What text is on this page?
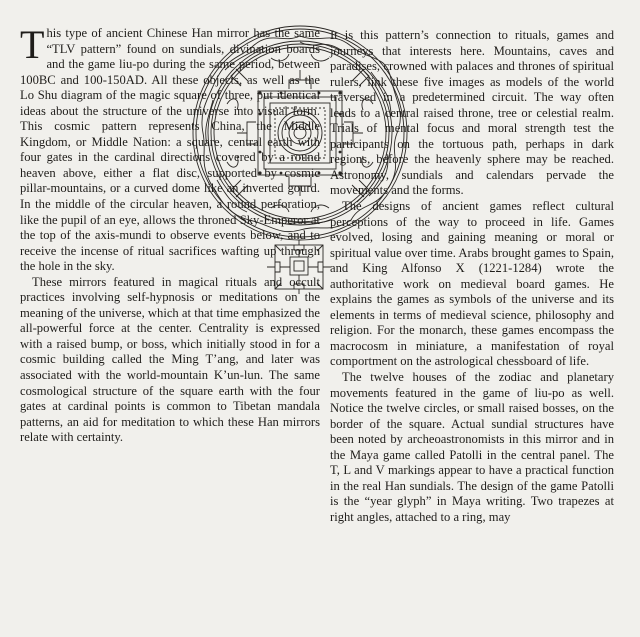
T his type of ancient Chinese Han mirror has the same “TLV pattern” found on sundials, divination boards and the game liu-po during the same period, between 100BC and 100-150AD. All these objects, as well as the Lo Shu diagram of the magic square of three, put identical ideas about the structure of the universe into visual form. This cosmic pattern represents China, the Middle Kingdom, or Middle Nation: a square, central earth with four gates in the cardinal directions covered by a round heaven above, either a flat disc, supported by cosmic pillar-mountains, or a curved dome like an inverted gourd. In the middle of the circular heaven, a round perforation, like the pupil of an eye, allows the throned Sky-Emperor at the top of the axis-mundi to observe events below, and to receive the incense of ritual sacrifices wafting up through the hole in the sky.

These mirrors featured in magical rituals and occult practices involving self-hypnosis or meditations on the meaning of the universe, which at that time emphasized the all-powerful force at the center. Centrality is expressed with a raised bump, or boss, which initially stood in for a cosmic building called the Ming T’ang, and later was associated with the world-mountain K’un-lun. The same cosmological structure of the square earth with the four gates at cardinal points is common to Tibetan mandala patterns, an aid for meditation to which these Han mirrors relate with certainty.

It is this pattern’s connection to rituals, games and journeys that interests here. Mountains, caves and paradises, crowned with palaces and thrones of spiritual rulers, link these five images as models of the world traversed in a predetermined circuit. The way often leads to a central raised throne, tree or celestial realm. Trials of mental focus and moral strength test the participants on the tortuous path, perhaps in dark regions, before the heavenly sphere may be reached. Astronomy, sundials and calendars pervade the movements and the forms.

The designs of ancient games reflect cultural perceptions of the way to proceed in life. Games evolved, losing and gaining meaning or moral or spiritual value over time. Arabs brought games to Spain, and King Alfonso X (1221-1284) wrote the authoritative work on medieval board games. He explains the games as symbols of the universe and its elements in terms of medieval science, philosophy and religion. For the monarch, these games encompass the macrocosm in miniature, a manifestation of royal comportment on the astrological chessboard of life.

The twelve houses of the zodiac and planetary movements featured in the game of liu-po as well. Notice the twelve circles, or small raised bosses, on the border of the square. Actual sundial structures have been noted by archeoastronomists in this mirror and in the Maya game called Patolli in the central panel. The T, L and V markings appear to have a practical function in the real Han sundials. The design of the game Patolli is the “year glyph” in Maya writing. Two trapezes at right angles, attached to a ring, may
